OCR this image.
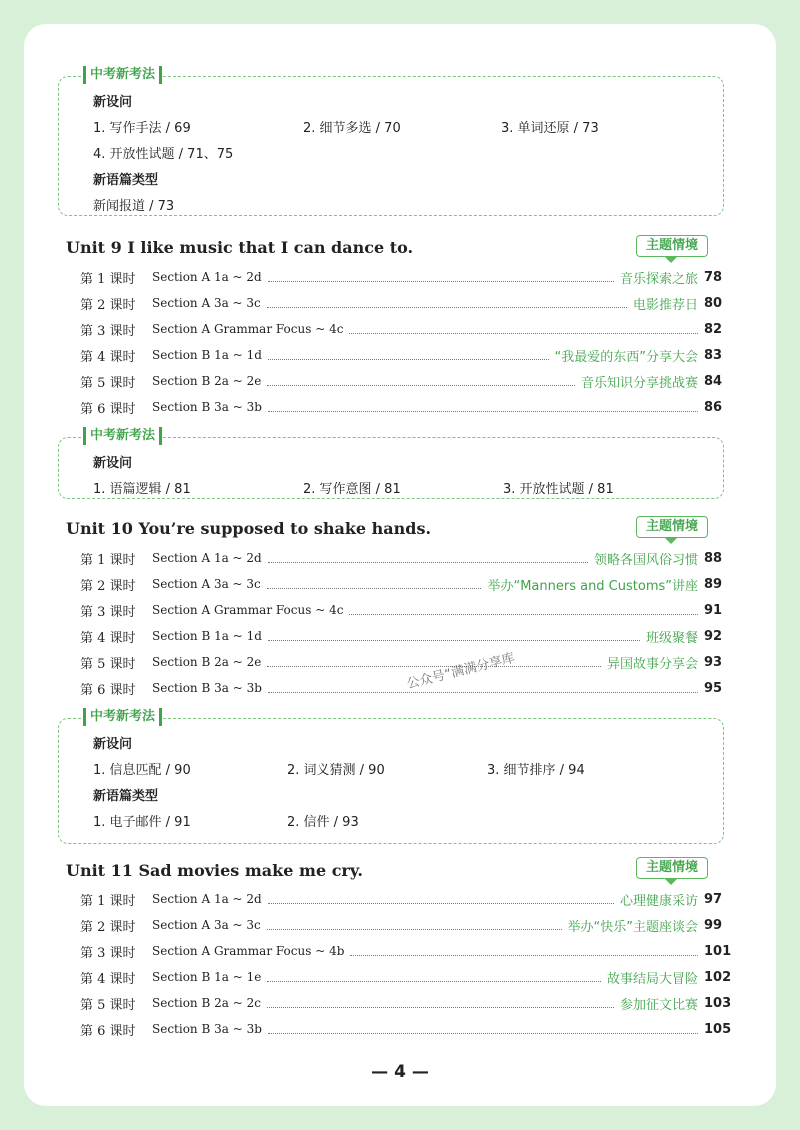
中考新考法
新设问
1. 写作手法 / 69	2. 细节多选 / 70	3. 单词还原 / 73
4. 开放性试题 / 71、75
新语篇类型
新闻报道 / 73
Unit 9 I like music that I can dance to.	主题情境
第 1 课时	Section A 1a ~ 2d	音乐探索之旅 78
第 2 课时	Section A 3a ~ 3c	电影推荐日 80
第 3 课时	Section A Grammar Focus ~ 4c	82
第 4 课时	Section B 1a ~ 1d	“我最爱的东西”分享大会 83
第 5 课时	Section B 2a ~ 2e	音乐知识分享挑战赛 84
第 6 课时	Section B 3a ~ 3b	86
中考新考法
新设问
1. 语篇逻辑 / 81	2. 写作意图 / 81	3. 开放性试题 / 81
Unit 10 You’re supposed to shake hands.	主题情境
第 1 课时	Section A 1a ~ 2d	领略各国风俗习惯 88
第 2 课时	Section A 3a ~ 3c	举办“Manners and Customs”讲座 89
第 3 课时	Section A Grammar Focus ~ 4c	91
第 4 课时	Section B 1a ~ 1d	班级聚餐 92
第 5 课时	Section B 2a ~ 2e	异国故事分享会 93
第 6 课时	Section B 3a ~ 3b	95
公众号“满满分享库
中考新考法
新设问
1. 信息匹配 / 90	2. 词义猜测 / 90	3. 细节排序 / 94
新语篇类型
1. 电子邮件 / 91	2. 信件 / 93
Unit 11 Sad movies make me cry.	主题情境
第 1 课时	Section A 1a ~ 2d	心理健康采访 97
第 2 课时	Section A 3a ~ 3c	举办“快乐”主题座谈会 99
第 3 课时	Section A Grammar Focus ~ 4b	101
第 4 课时	Section B 1a ~ 1e	故事结局大冒险 102
第 5 课时	Section B 2a ~ 2c	参加征文比赛 103
第 6 课时	Section B 3a ~ 3b	105
— 4 —
